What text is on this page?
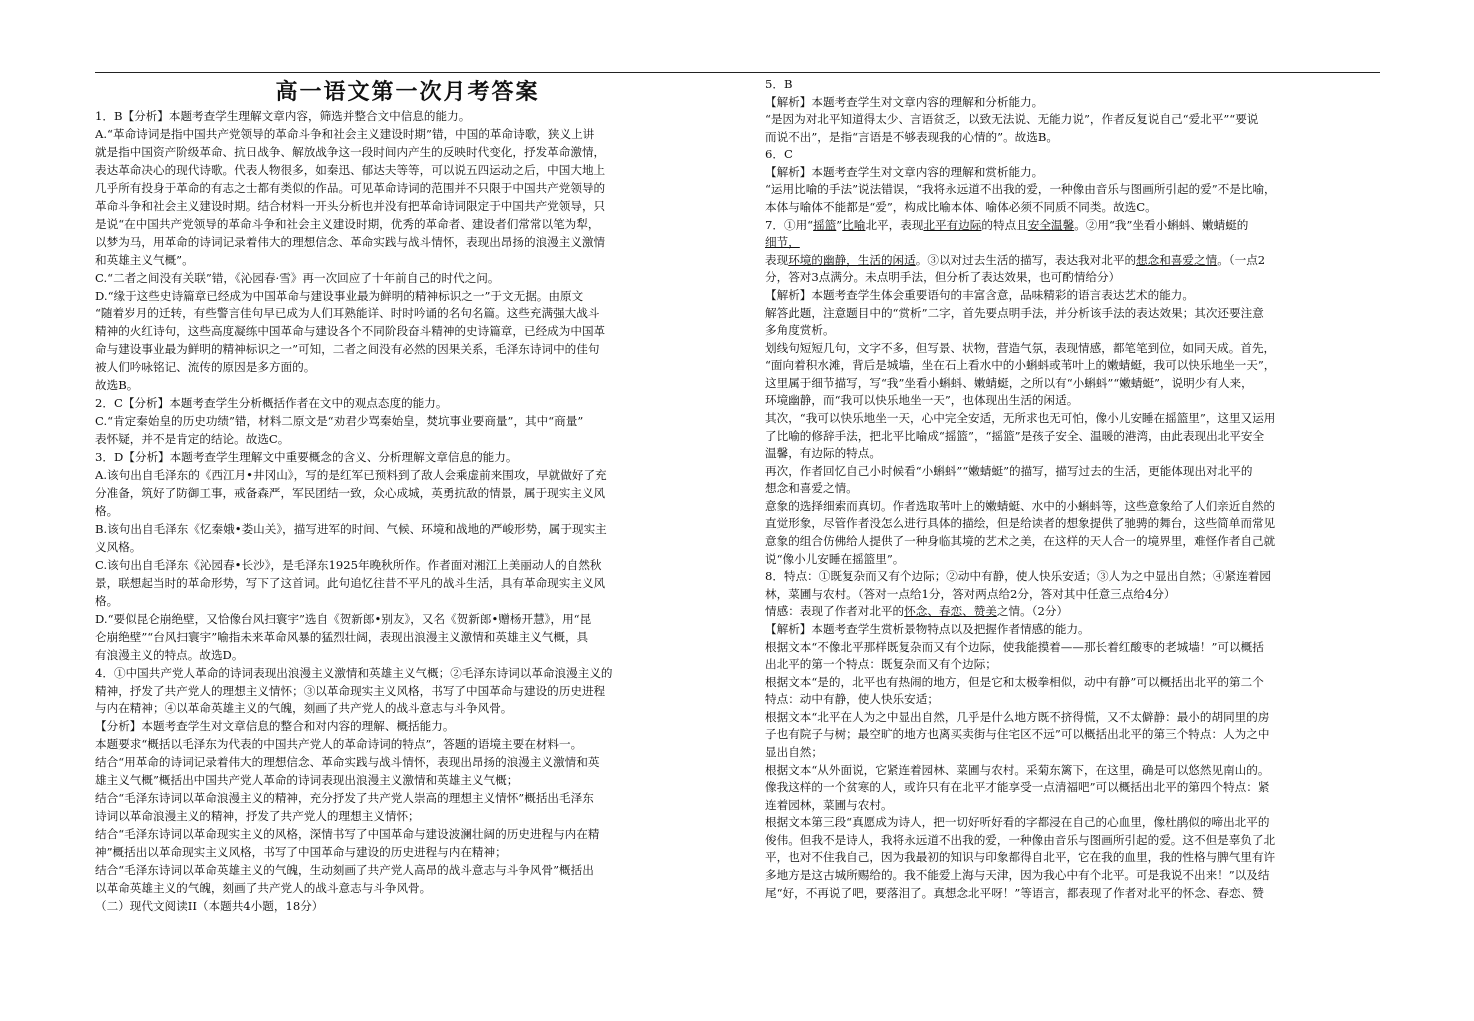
高一语文第一次月考答案

1．B【分析】本题考查学生理解文章内容，筛选并整合文中信息的能力。

A.“革命诗词是指中国共产党领导的革命斗争和社会主义建设时期”错，中国的革命诗歌，狭义上讲

就是指中国资产阶级革命、抗日战争、解放战争这一段时间内产生的反映时代变化，抒发革命激情，

表达革命决心的现代诗歌。代表人物很多，如秦迅、郁达夫等等，可以说五四运动之后，中国大地上

几乎所有投身于革命的有志之士都有类似的作品。可见革命诗词的范围并不只限于中国共产党领导的

革命斗争和社会主义建设时期。结合材料一开头分析也并没有把革命诗词限定于中国共产党领导，只

是说“在中国共产党领导的革命斗争和社会主义建设时期，优秀的革命者、建设者们常常以笔为犁，

以梦为马，用革命的诗词记录着伟大的理想信念、革命实践与战斗情怀，表现出昂扬的浪漫主义激情

和英雄主义气概”。

C.“二者之间没有关联”错，《沁园春·雪》再一次回应了十年前自己的时代之问。

D.“缘于这些史诗篇章已经成为中国革命与建设事业最为鲜明的精神标识之一”于文无据。由原文

“随着岁月的迁转，有些警言佳句早已成为人们耳熟能详、时时吟诵的名句名篇。这些充满强大战斗

精神的火红诗句，这些高度凝练中国革命与建设各个不同阶段奋斗精神的史诗篇章，已经成为中国革

命与建设事业最为鲜明的精神标识之一”可知，二者之间没有必然的因果关系，毛泽东诗词中的佳句

被人们吟咏铭记、流传的原因是多方面的。

故选B。

2．C【分析】本题考查学生分析概括作者在文中的观点态度的能力。

C.“肯定秦始皇的历史功绩”错，材料二原文是“劝君少骂秦始皇，焚坑事业要商量”，其中“商量”

表怀疑，并不是肯定的结论。故选C。

3．D【分析】本题考查学生理解文中重要概念的含义、分析理解文章信息的能力。

A.该句出自毛泽东的《西江月•井冈山》，写的是红军已预料到了敌人会乘虚前来围攻，早就做好了充

分准备，筑好了防御工事，戒备森严，军民团结一致，众心成城，英勇抗敌的情景，属于现实主义风

格。

B.该句出自毛泽东《忆秦娥•娄山关》，描写进军的时间、气候、环境和战地的严峻形势，属于现实主

义风格。

C.该句出自毛泽东《沁园春•长沙》，是毛泽东1925年晚秋所作。作者面对湘江上美丽动人的自然秋

景，联想起当时的革命形势，写下了这首词。此句追忆往昔不平凡的战斗生活，具有革命现实主义风

格。

D.“要似昆仑崩绝壁，又恰像台风扫寰宇”选自《贺新郎•别友》，又名《贺新郎•赠杨开慧》，用“昆

仑崩绝壁”“台风扫寰宇”喻指未来革命风暴的猛烈壮阔，表现出浪漫主义激情和英雄主义气概，具

有浪漫主义的特点。故选D。

4．①中国共产党人革命的诗词表现出浪漫主义激情和英雄主义气概；②毛泽东诗词以革命浪漫主义的

精神，抒发了共产党人的理想主义情怀；③以革命现实主义风格，书写了中国革命与建设的历史进程

与内在精神；④以革命英雄主义的气魄，刻画了共产党人的战斗意志与斗争风骨。

【分析】本题考查学生对文章信息的整合和对内容的理解、概括能力。

本题要求“概括以毛泽东为代表的中国共产党人的革命诗词的特点”，答题的语境主要在材料一。

结合“用革命的诗词记录着伟大的理想信念、革命实践与战斗情怀，表现出昂扬的浪漫主义激情和英

雄主义气概”概括出中国共产党人革命的诗词表现出浪漫主义激情和英雄主义气概；

结合“毛泽东诗词以革命浪漫主义的精神，充分抒发了共产党人崇高的理想主义情怀”概括出毛泽东

诗词以革命浪漫主义的精神，抒发了共产党人的理想主义情怀；

结合“毛泽东诗词以革命现实主义的风格，深情书写了中国革命与建设波澜壮阔的历史进程与内在精

神”概括出以革命现实主义风格，书写了中国革命与建设的历史进程与内在精神；

结合“毛泽东诗词以革命英雄主义的气魄，生动刻画了共产党人高昂的战斗意志与斗争风骨”概括出

以革命英雄主义的气魄，刻画了共产党人的战斗意志与斗争风骨。

（二）现代文阅读II（本题共4小题，18分）

5．B

【解析】本题考查学生对文章内容的理解和分析能力。

“是因为对北平知道得太少、言语贫乏，以致无法说、无能力说”，作者反复说自己“爱北平”“要说

而说不出”，是指“言语是不够表现我的心情的”。故选B。

6．C

【解析】本题考查学生对文章内容的理解和赏析能力。

“运用比喻的手法”说法错误，“我将永远道不出我的爱，一种像由音乐与图画所引起的爱”不是比喻，

本体与喻体不能都是“爱”，构成比喻本体、喻体必须不同质不同类。故选C。

7．①用“摇篮”比喻北平，表现北平有边际的特点且安全温馨。②用“我”坐看小蝌蚪、嫩蜻蜓的

细节，

表现环境的幽静，生活的闲适。③以对过去生活的描写，表达我对北平的想念和喜爱之情。（一点2

分，答对3点满分。未点明手法，但分析了表达效果，也可酌情给分）

【解析】本题考查学生体会重要语句的丰富含意，品味精彩的语言表达艺术的能力。

解答此题，注意题目中的“赏析”二字，首先要点明手法，并分析该手法的表达效果；其次还要注意

多角度赏析。

划线句短短几句，文字不多，但写景、状物，营造气氛，表现情感，都笔笔到位，如同天成。首先，

“面向着积水滩，背后是城墙，坐在石上看水中的小蝌蚪或苇叶上的嫩蜻蜓，我可以快乐地坐一天”，

这里属于细节描写，写“我”坐看小蝌蚪、嫩蜻蜓，之所以有“小蝌蚪”“嫩蜻蜓”，说明少有人来，

环境幽静，而“我可以快乐地坐一天”，也体现出生活的闲适。

其次，“我可以快乐地坐一天，心中完全安适，无所求也无可怕，像小儿安睡在摇篮里”，这里又运用

了比喻的修辞手法，把北平比喻成“摇篮”，“摇篮”是孩子安全、温暖的港湾，由此表现出北平安全

温馨，有边际的特点。

再次，作者回忆自己小时候看“小蝌蚪”“嫩蜻蜓”的描写，描写过去的生活，更能体现出对北平的

想念和喜爱之情。

意象的选择细索而真切。作者选取苇叶上的嫩蜻蜓、水中的小蝌蚪等，这些意象给了人们亲近自然的

直觉形象，尽管作者没怎么进行具体的描绘，但是给读者的想象提供了驰骋的舞台，这些简单而常见

意象的组合仿佛给人提供了一种身临其境的艺术之美，在这样的天人合一的境界里，难怪作者自己就

说“像小儿安睡在摇篮里”。

8．特点：①既复杂而又有个边际；②动中有静，使人快乐安适；③人为之中显出自然；④紧连着园

林，菜圃与农村。（答对一点给1分，答对两点给2分，答对其中任意三点给4分）

情感：表现了作者对北平的怀念、春恋、赞美之情。（2分）

【解析】本题考查学生赏析景物特点以及把握作者情感的能力。

根据文本“不像北平那样既复杂而又有个边际，使我能摸着——那长着红酸枣的老城墙！”可以概括

出北平的第一个特点：既复杂而又有个边际；

根据文本“是的，北平也有热闹的地方，但是它和太极拳相似，动中有静”可以概括出北平的第二个

特点：动中有静，使人快乐安适；

根据文本“北平在人为之中显出自然，几乎是什么地方既不挤得慌，又不太僻静：最小的胡同里的房

子也有院子与树；最空旷的地方也离买卖街与住宅区不远”可以概括出北平的第三个特点：人为之中

显出自然；

根据文本“从外面说，它紧连着园林、菜圃与农村。采菊东篱下，在这里，确是可以悠然见南山的。

像我这样的一个贫寒的人，或许只有在北平才能享受一点清福吧”可以概括出北平的第四个特点：紧

连着园林，菜圃与农村。

根据文本第三段“真愿成为诗人，把一切好听好看的字都浸在自己的心血里，像杜鹃似的啼出北平的

俊伟。但我不是诗人，我将永远道不出我的爱，一种像由音乐与图画所引起的爱。这不但是辜负了北

平，也对不住我自己，因为我最初的知识与印象都得自北平，它在我的血里，我的性格与脾气里有许

多地方是这古城所赐给的。我不能爱上海与天津，因为我心中有个北平。可是我说不出来！”以及结

尾“好，不再说了吧，要落泪了。真想念北平呀！”等语言，都表现了作者对北平的怀念、春恋、赞
